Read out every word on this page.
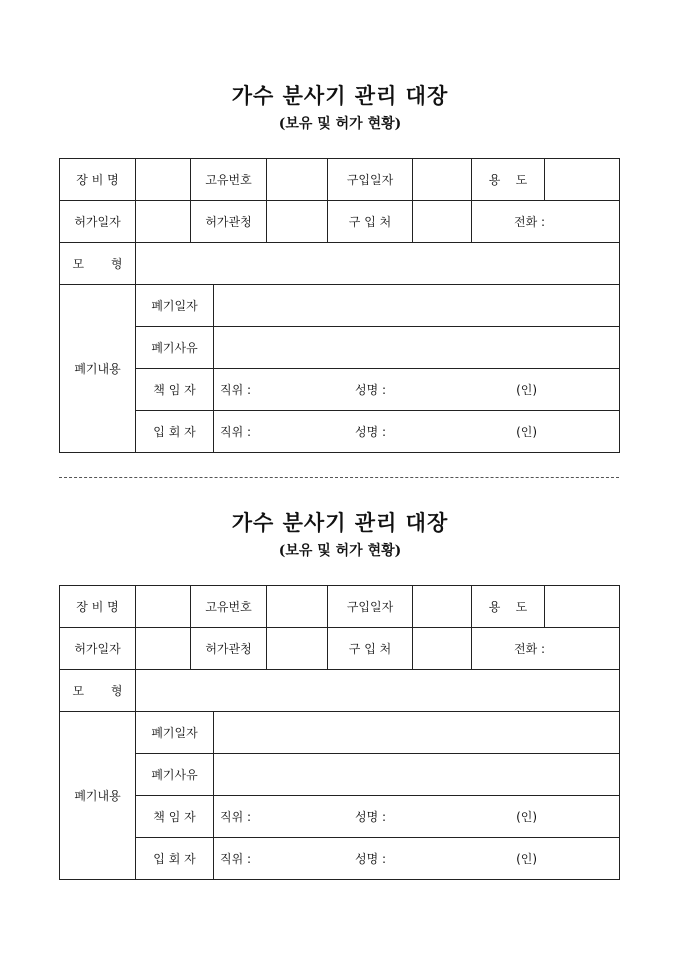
가수 분사기 관리 대장
(보유 및 허가 현황)
장 비 명		고유번호			구입일자		용    도	
허가일자		허가관청			구 입 처		전화 :	
모       형								
폐기내용	폐기일자							
	폐기사유							
	책 임 자		직위 : 성명 : (인)					
	입 회 자		직위 : 성명 : (인)					
가수 분사기 관리 대장
(보유 및 허가 현황)
장 비 명		고유번호			구입일자		용    도	
허가일자		허가관청			구 입 처		전화 :	
모       형								
폐기내용	폐기일자							
	폐기사유							
	책 임 자		직위 : 성명 : (인)					
	입 회 자		직위 : 성명 : (인)					
